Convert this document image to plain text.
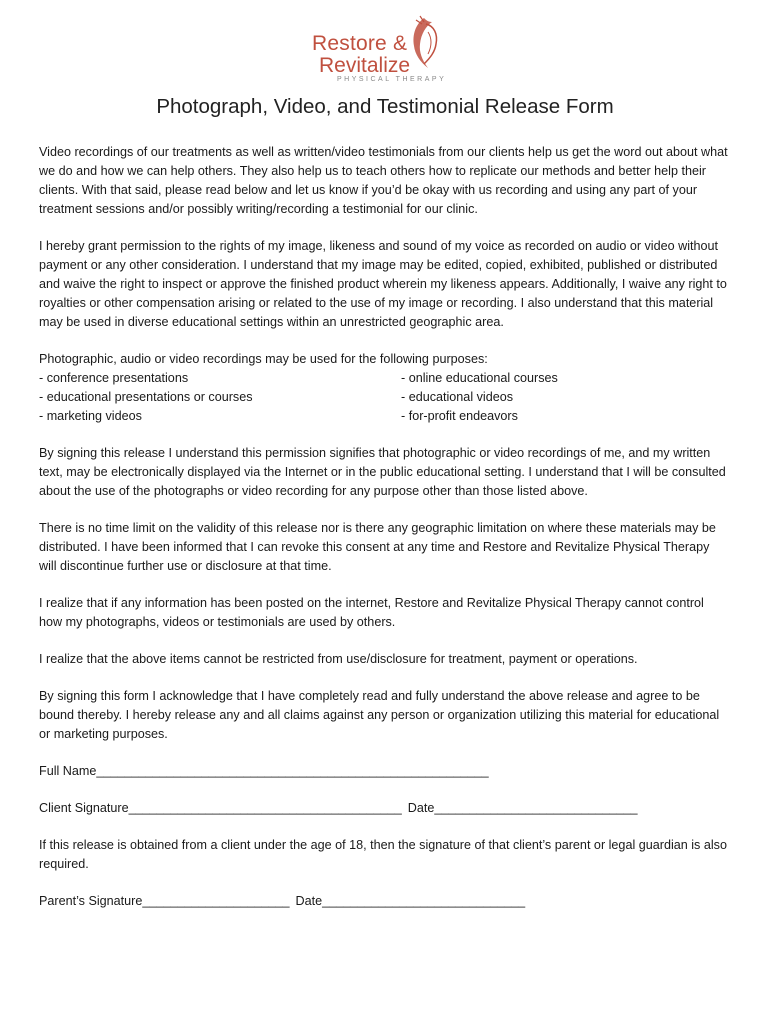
Restore &
Revitalize
PHYSICAL THERAPY
Photograph, Video, and Testimonial Release Form

Video recordings of our treatments as well as written/video testimonials from our clients help us get the word out about what we do and how we can help others. They also help us to teach others how to replicate our methods and better help their clients. With that said, please read below and let us know if you’d be okay with us recording and using any part of your treatment sessions and/or possibly writing/recording a testimonial for our clinic.

I hereby grant permission to the rights of my image, likeness and sound of my voice as recorded on audio or video without payment or any other consideration. I understand that my image may be edited, copied, exhibited, published or distributed and waive the right to inspect or approve the finished product wherein my likeness appears. Additionally, I waive any right to royalties or other compensation arising or related to the use of my image or recording. I also understand that this material may be used in diverse educational settings within an unrestricted geographic area.

Photographic, audio or video recordings may be used for the following purposes:
- conference presentations	- online educational courses
- educational presentations or courses	- educational videos
- marketing videos	- for-profit endeavors

By signing this release I understand this permission signifies that photographic or video recordings of me, and my written text, may be electronically displayed via the Internet or in the public educational setting. I understand that I will be consulted about the use of the photographs or video recording for any purpose other than those listed above.

There is no time limit on the validity of this release nor is there any geographic limitation on where these materials may be distributed. I have been informed that I can revoke this consent at any time and Restore and Revitalize Physical Therapy will discontinue further use or disclosure at that time.

I realize that if any information has been posted on the internet, Restore and Revitalize Physical Therapy cannot control how my photographs, videos or testimonials are used by others.

I realize that the above items cannot be restricted from use/disclosure for treatment, payment or operations.

By signing this form I acknowledge that I have completely read and fully understand the above release and agree to be bound thereby. I hereby release any and all claims against any person or organization utilizing this material for educational or marketing purposes.

Full Name________________________________________________________
Client Signature_______________________________________ Date_____________________________

If this release is obtained from a client under the age of 18, then the signature of that client’s parent or legal guardian is also required.

Parent’s Signature_____________________ Date_____________________________
